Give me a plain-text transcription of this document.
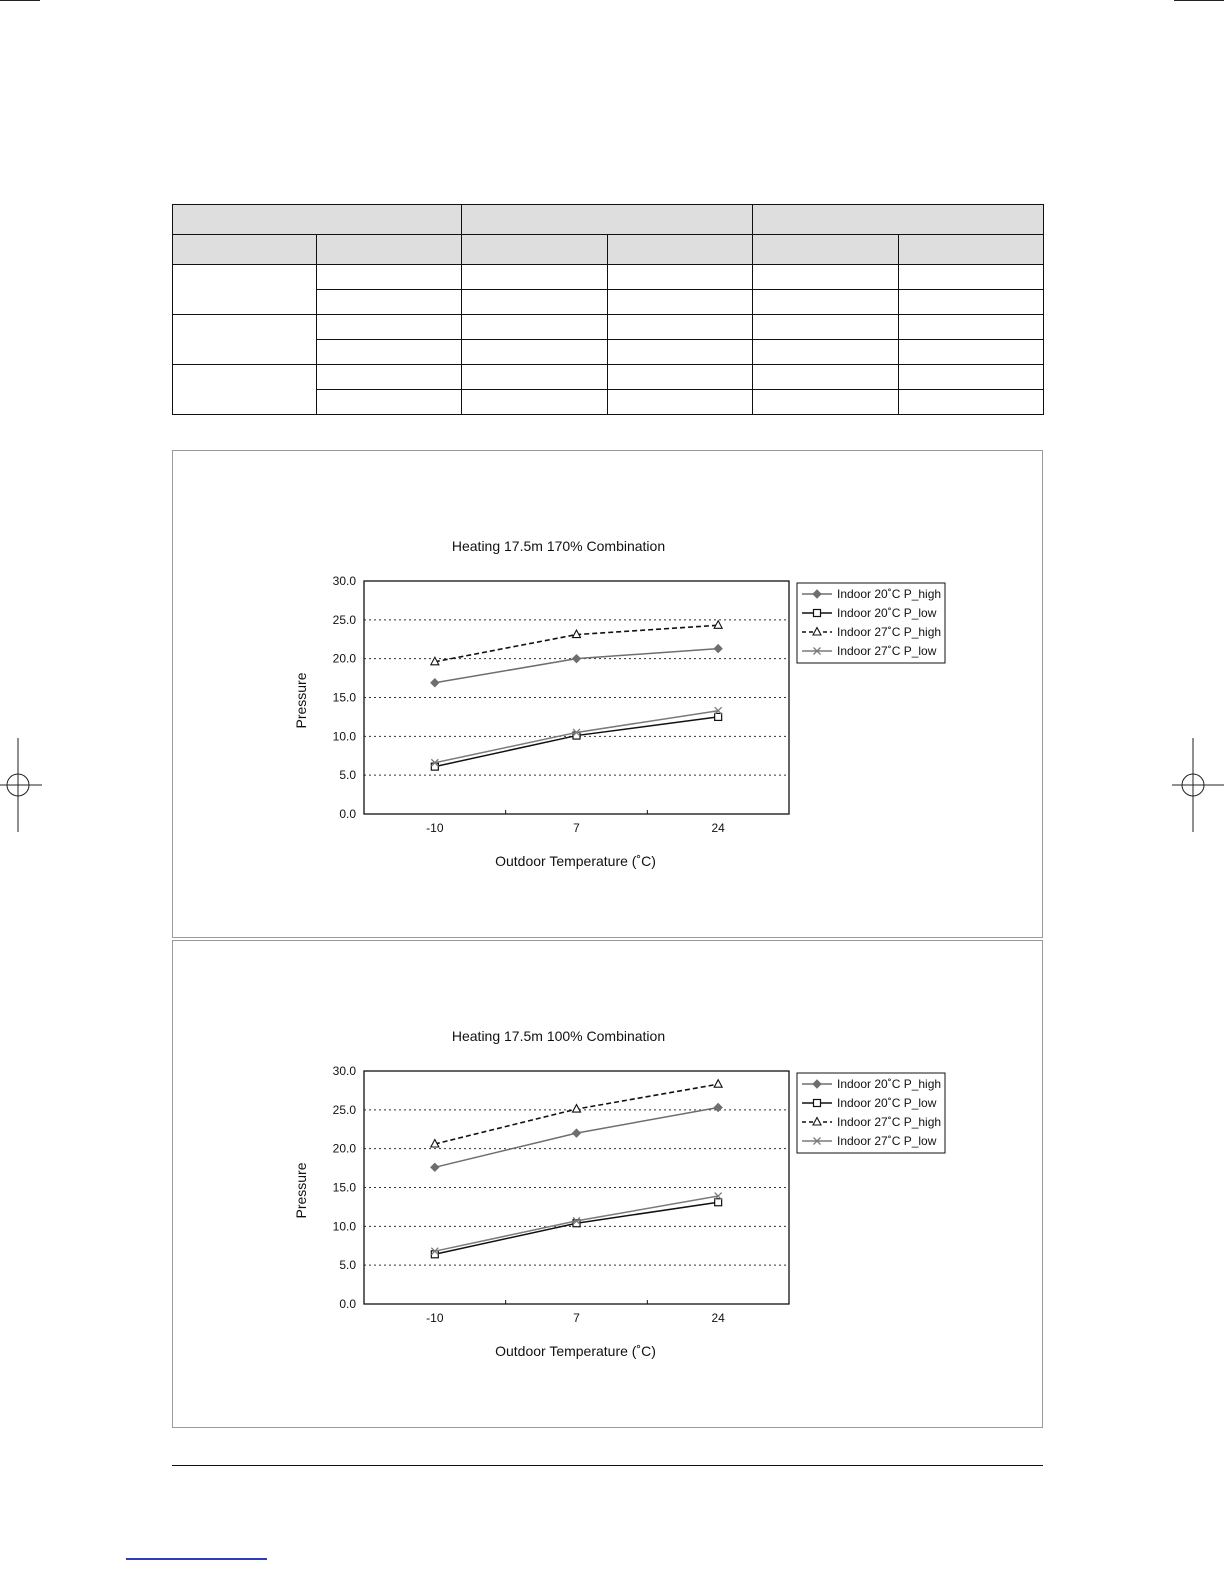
Heating 17.5m 170% Combination
0.0
5.0
10.0
15.0
20.0
25.0
30.0
-10	7	24
Outdoor Temperature (˚C)
Pressure
Indoor 20˚C P_high
Indoor 20˚C P_low
Indoor 27˚C P_high
Indoor 27˚C P_low
Heating 17.5m 100% Combination
0.0
5.0
10.0
15.0
20.0
25.0
30.0
-10	7	24
Outdoor Temperature (˚C)
Pressure
Indoor 20˚C P_high
Indoor 20˚C P_low
Indoor 27˚C P_high
Indoor 27˚C P_low
